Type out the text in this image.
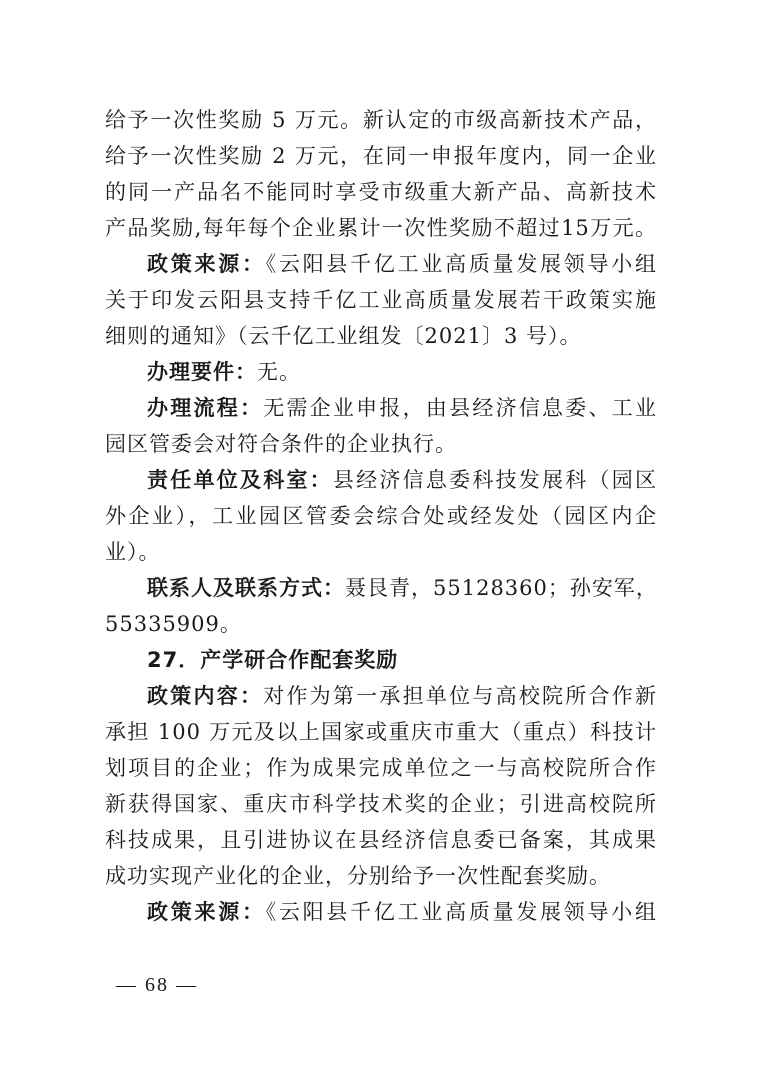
给予一次性奖励 5 万元。新认定的市级高新技术产品，
给予一次性奖励 2 万元，在同一申报年度内，同一企业
的同一产品名不能同时享受市级重大新产品、高新技术
产品奖励,每年每个企业累计一次性奖励不超过15万元。
政策来源：《云阳县千亿工业高质量发展领导小组
关于印发云阳县支持千亿工业高质量发展若干政策实施
细则的通知》（云千亿工业组发〔2021〕3 号）。
办理要件：无。
办理流程：无需企业申报，由县经济信息委、工业
园区管委会对符合条件的企业执行。
责任单位及科室：县经济信息委科技发展科（园区
外企业），工业园区管委会综合处或经发处（园区内企
业）。
联系人及联系方式：聂艮青，55128360；孙安军，
55335909。
27．产学研合作配套奖励
政策内容：对作为第一承担单位与高校院所合作新
承担 100 万元及以上国家或重庆市重大（重点）科技计
划项目的企业；作为成果完成单位之一与高校院所合作
新获得国家、重庆市科学技术奖的企业；引进高校院所
科技成果，且引进协议在县经济信息委已备案，其成果
成功实现产业化的企业，分别给予一次性配套奖励。
政策来源：《云阳县千亿工业高质量发展领导小组
— 68 —
